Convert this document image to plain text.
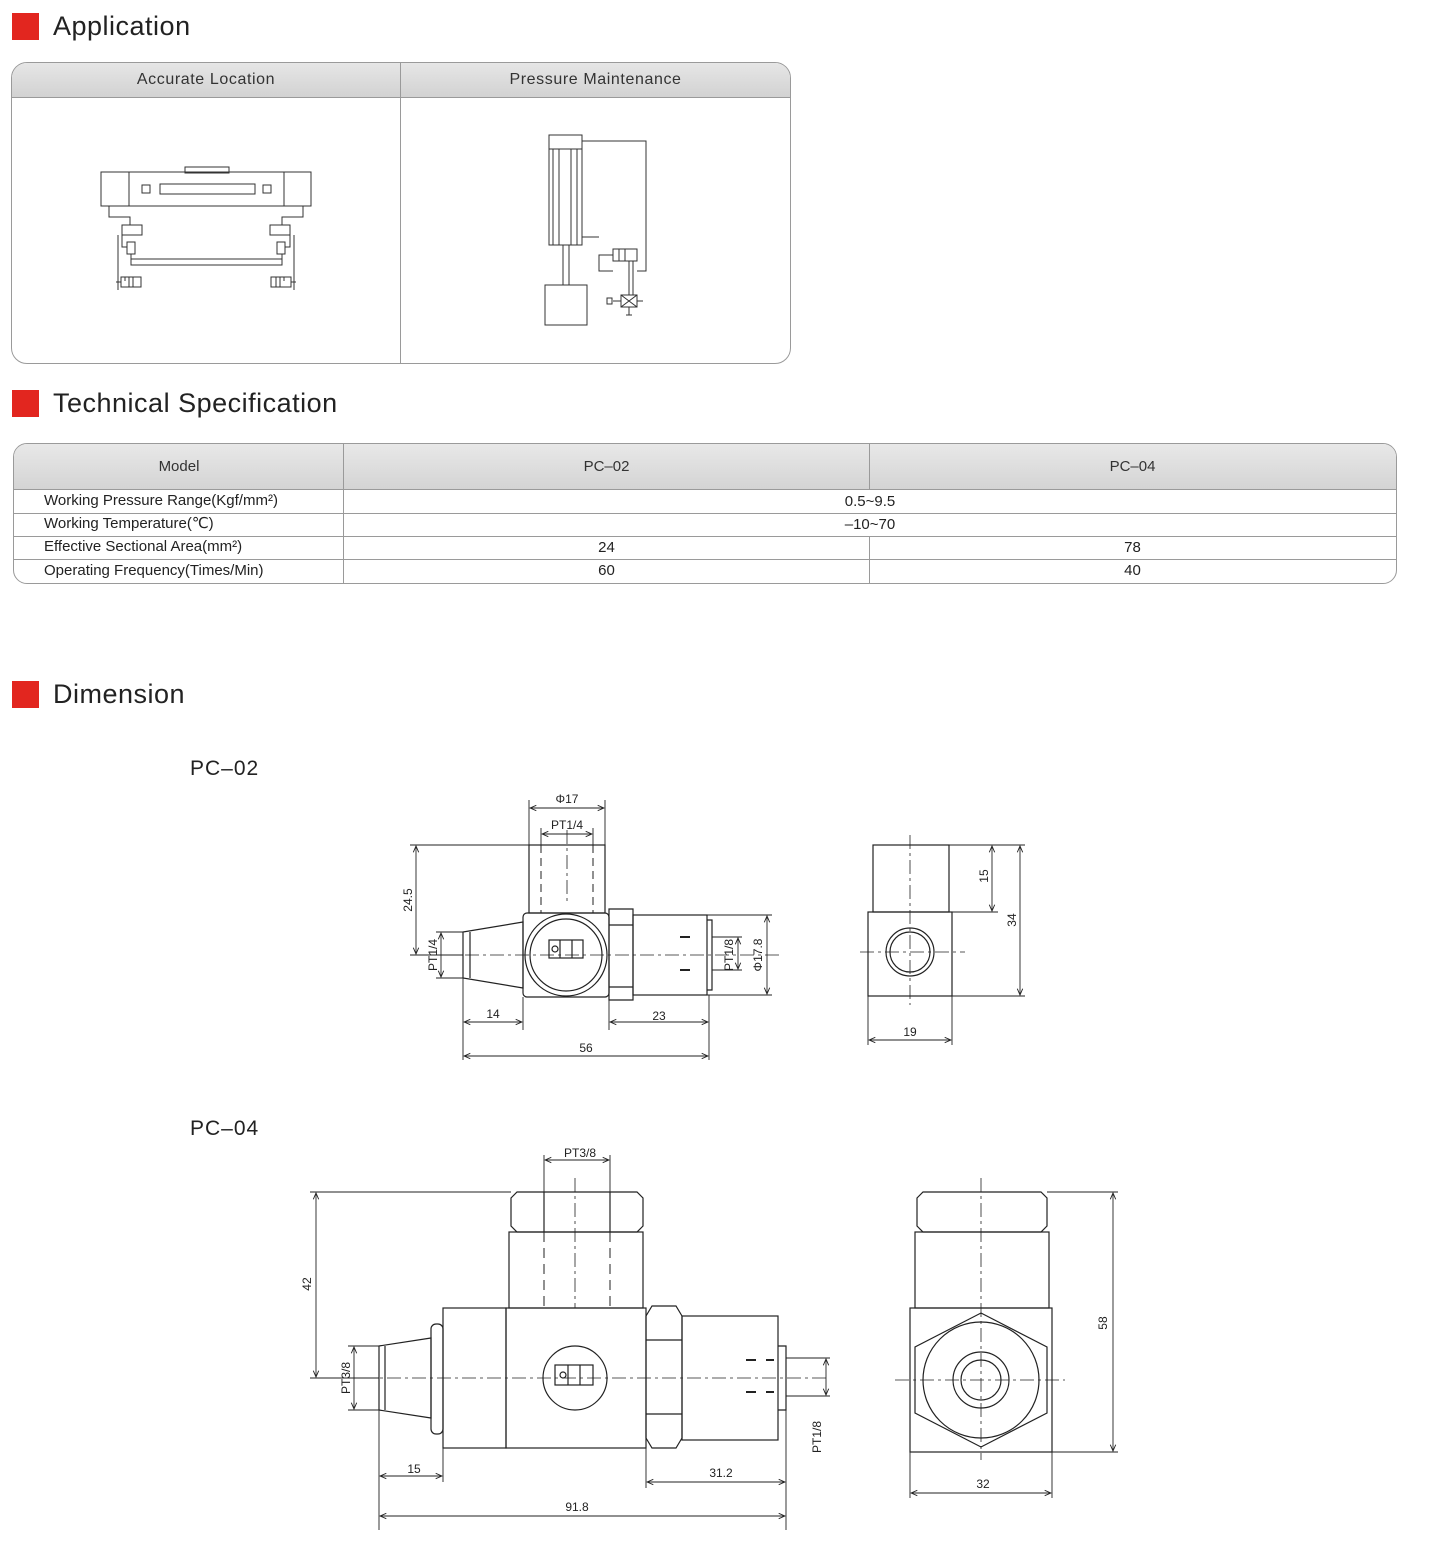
Application
Accurate Location	Pressure Maintenance
Technical Specification
Model	PC–02	PC–04
Working Pressure Range(Kgf/mm²)	0.5~9.5
Working Temperature(℃)	–10~70
Effective Sectional Area(mm²)	24	78
Operating Frequency(Times/Min)	60	40
Dimension
PC–02
PC–04
Φ17
PT1/4
24.5
PT1/4	PT1/8 Φ17.8
14	23
56
15
34
19
PT3/8
42
PT3/8
PT1/8
15	31.2
91.8
58
32
